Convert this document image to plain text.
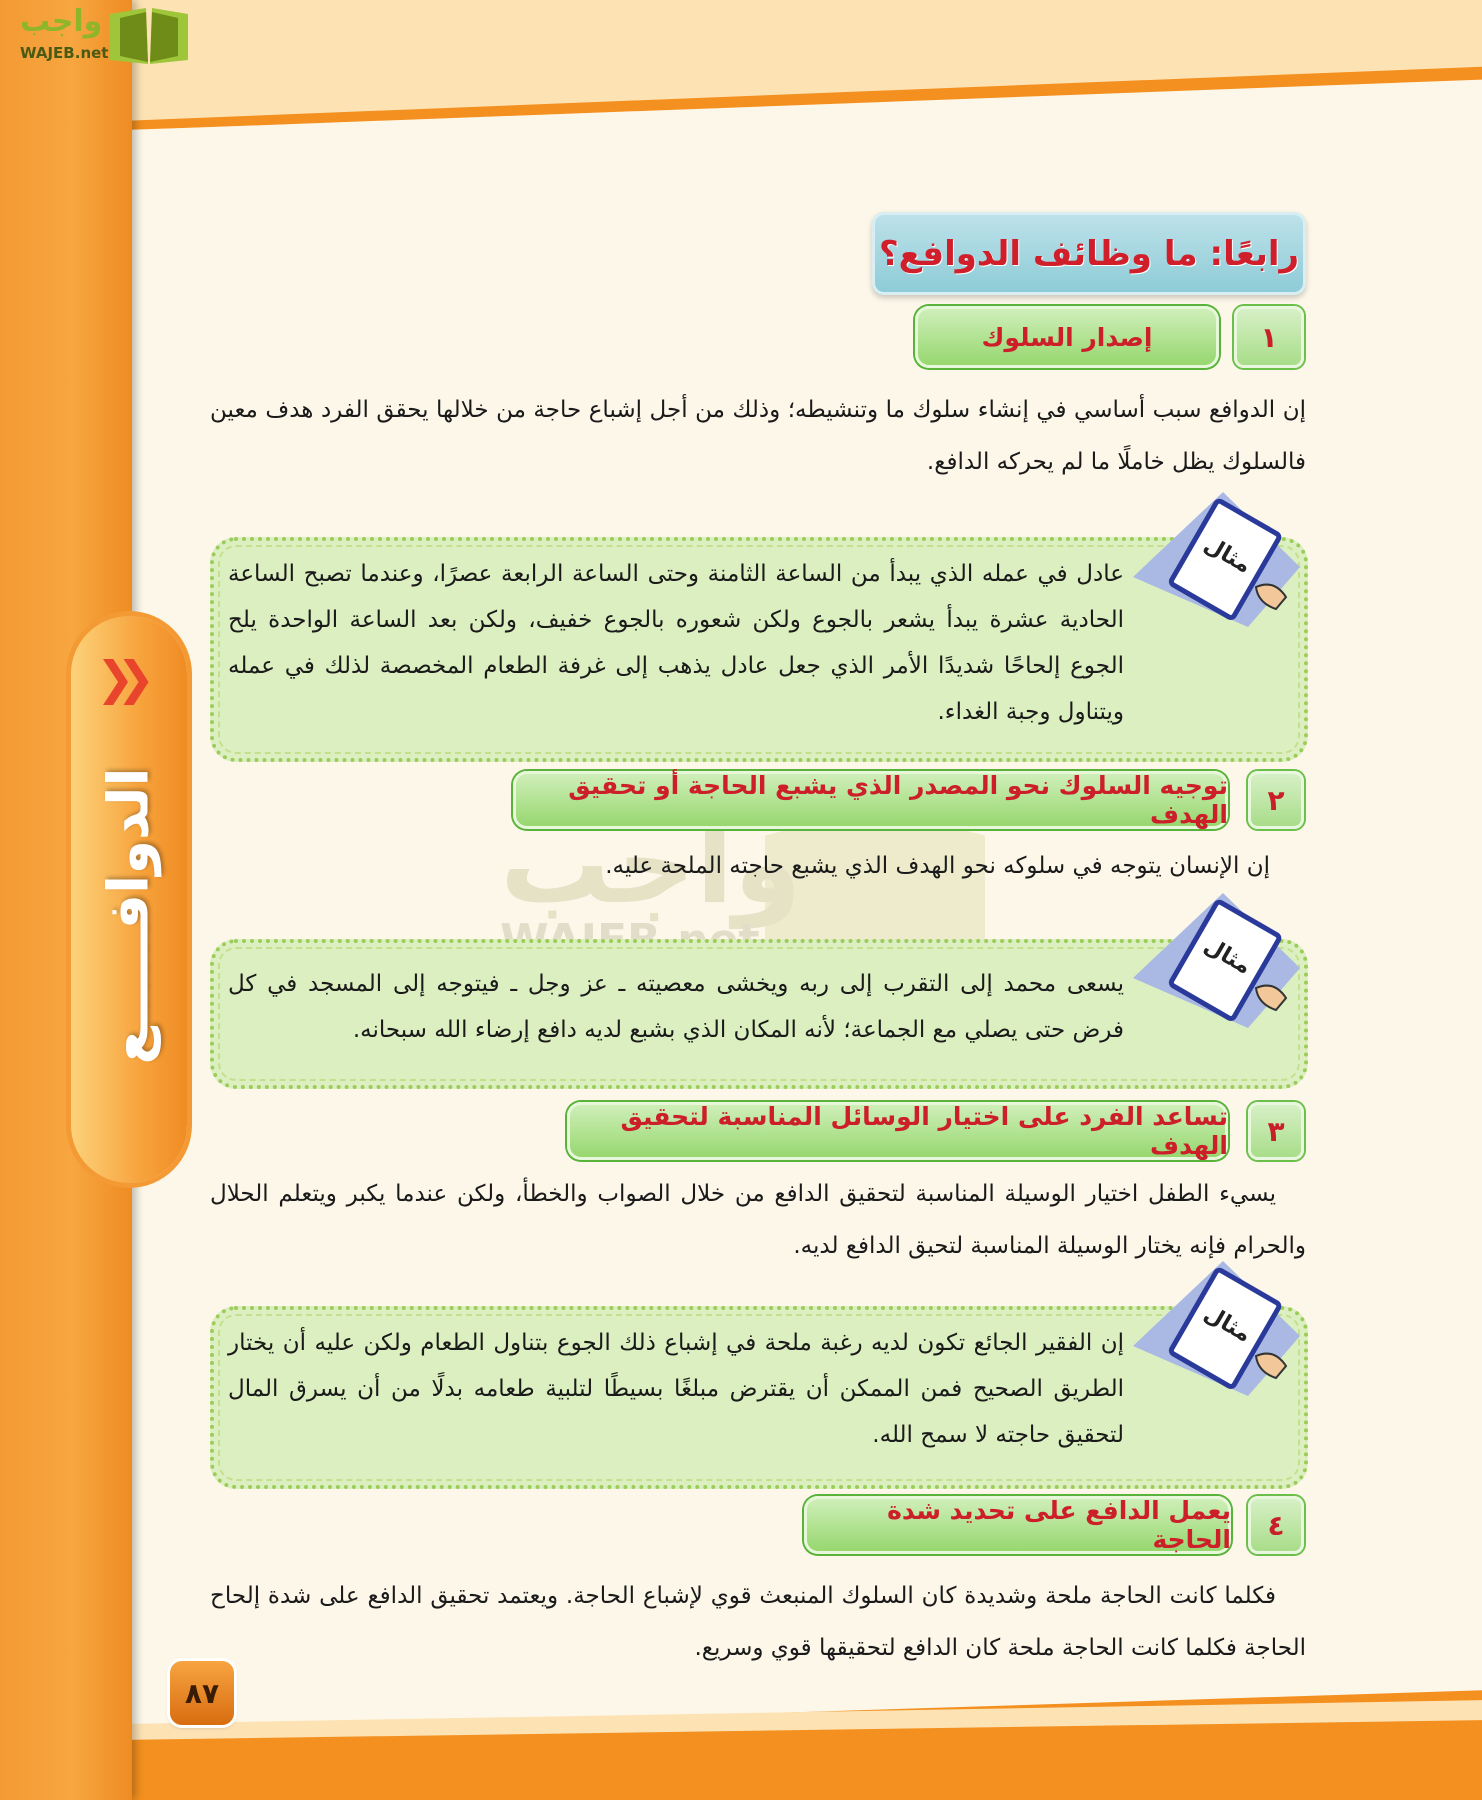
واجب
WAJEB.net
❯❯
الدوافـــــع	واجب
رابعًا: ما وظائف الدوافع؟
١
إصدار السلوك
إن الدوافع سبب أساسي في إنشاء سلوك ما وتنشيطه؛ وذلك من أجل إشباع حاجة من خلالها يحقق الفرد هدف معين فالسلوك يظل خاملًا ما لم يحركه الدافع.
عادل في عمله الذي يبدأ من الساعة الثامنة وحتى الساعة الرابعة عصرًا، وعندما تصبح الساعة الحادية عشرة يبدأ يشعر بالجوع ولكن شعوره بالجوع خفيف، ولكن بعد الساعة الواحدة يلح الجوع إلحاحًا شديدًا الأمر الذي جعل عادل يذهب إلى غرفة الطعام المخصصة لذلك في عمله ويتناول وجبة الغداء.
مثال
٢
توجيه السلوك نحو المصدر الذي يشبع الحاجة أو تحقيق الهدف
إن الإنسان يتوجه في سلوكه نحو الهدف الذي يشبع حاجته الملحة عليه.
يسعى محمد إلى التقرب إلى ربه ويخشى معصيته ـ عز وجل ـ فيتوجه إلى المسجد في كل فرض حتى يصلي مع الجماعة؛ لأنه المكان الذي بشبع لديه دافع إرضاء الله سبحانه.
مثال
٣
تساعد الفرد على اختيار الوسائل المناسبة لتحقيق الهدف
يسيء الطفل اختيار الوسيلة المناسبة لتحقيق الدافع من خلال الصواب والخطأ، ولكن عندما يكبر ويتعلم الحلال والحرام فإنه يختار الوسيلة المناسبة لتحيق الدافع لديه.
إن الفقير الجائع تكون لديه رغبة ملحة في إشباع ذلك الجوع بتناول الطعام ولكن عليه أن يختار الطريق الصحيح فمن الممكن أن يقترض مبلغًا بسيطًا لتلبية طعامه بدلًا من أن يسرق المال لتحقيق حاجته لا سمح الله.
مثال
٤
يعمل الدافع على تحديد شدة الحاجة
فكلما كانت الحاجة ملحة وشديدة كان السلوك المنبعث قوي لإشباع الحاجة. ويعتمد تحقيق الدافع على شدة إلحاح الحاجة فكلما كانت الحاجة ملحة كان الدافع لتحقيقها قوي وسريع.
٨٧
